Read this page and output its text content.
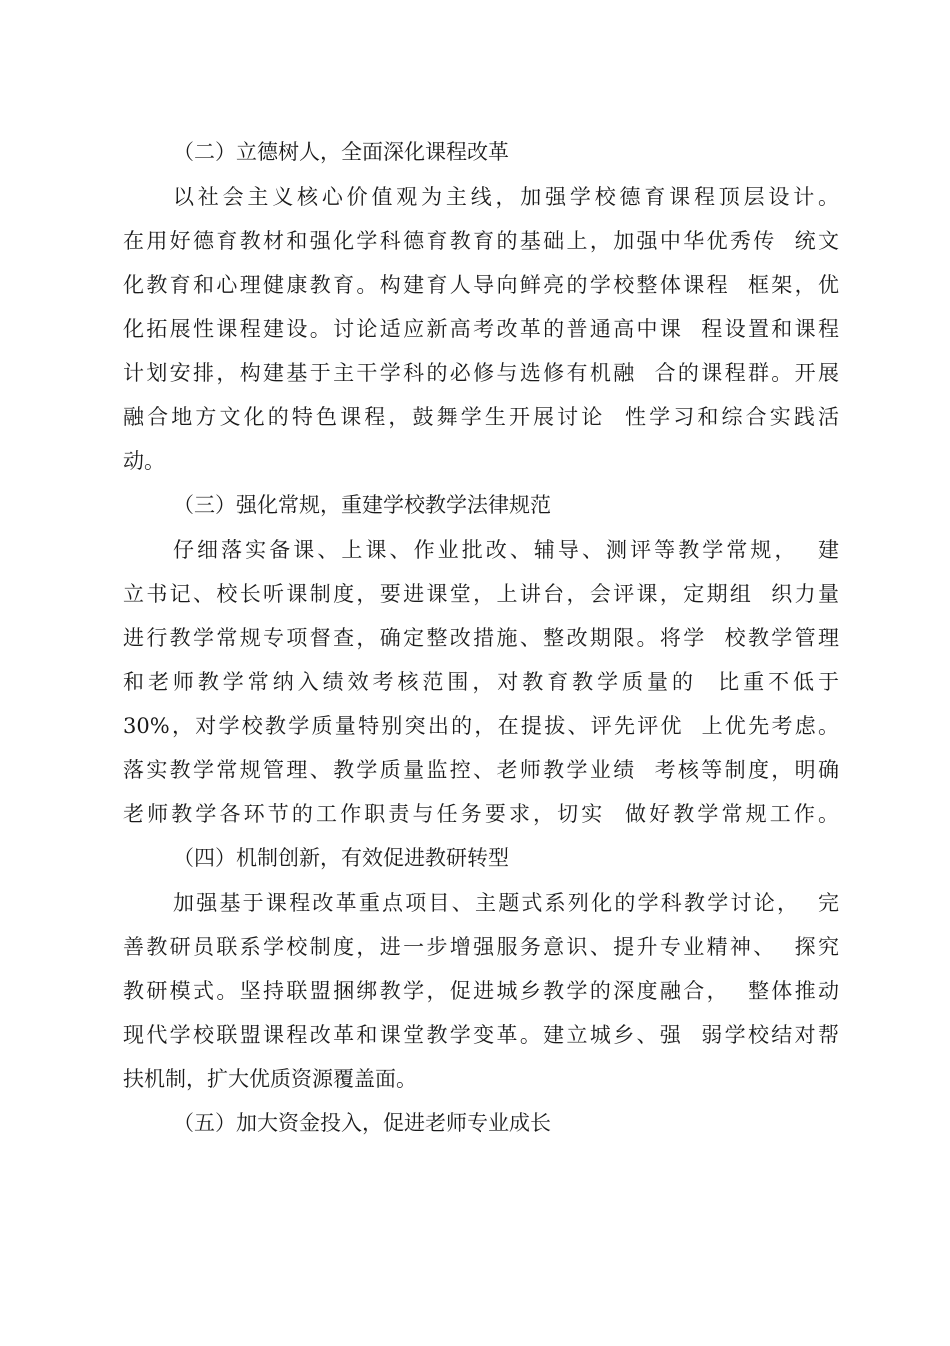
（二）立德树人，全面深化课程改革

以社会主义核心价值观为主线，加强学校德育课程顶层设计。

在用好德育教材和强化学科德育教育的基础上，加强中华优秀传  统文

化教育和心理健康教育。构建育人导向鲜亮的学校整体课程  框架，优

化拓展性课程建设。讨论适应新高考改革的普通高中课  程设置和课程

计划安排，构建基于主干学科的必修与选修有机融  合的课程群。开展

融合地方文化的特色课程，鼓舞学生开展讨论  性学习和综合实践活

动。

（三）强化常规，重建学校教学法律规范

仔细落实备课、上课、作业批改、辅导、测评等教学常规，  建

立书记、校长听课制度，要进课堂，上讲台，会评课，定期组  织力量

进行教学常规专项督查，确定整改措施、整改期限。将学  校教学管理

和老师教学常纳入绩效考核范围，对教育教学质量的  比重不低于

30%，对学校教学质量特别突出的，在提拔、评先评优  上优先考虑。

落实教学常规管理、教学质量监控、老师教学业绩  考核等制度，明确

老师教学各环节的工作职责与任务要求，切实  做好教学常规工作。

（四）机制创新，有效促进教研转型

加强基于课程改革重点项目、主题式系列化的学科教学讨论，  完

善教研员联系学校制度，进一步增强服务意识、提升专业精神、  探究

教研模式。坚持联盟捆绑教学，促进城乡教学的深度融合，  整体推动

现代学校联盟课程改革和课堂教学变革。建立城乡、强  弱学校结对帮

扶机制，扩大优质资源覆盖面。

（五）加大资金投入，促进老师专业成长
